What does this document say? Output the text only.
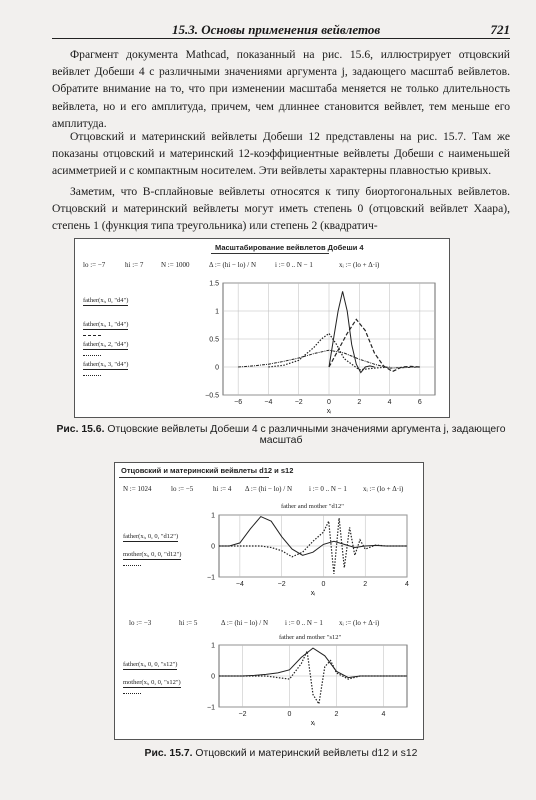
15.3. Основы применения вейвлетов	721

Фрагмент документа Mathcad, показанный на рис. 15.6, иллюстрирует отцовский вейвлет Добеши 4 с различными значениями аргумента j, задающего масштаб вейвлетов. Обратите внимание на то, что при изменении масштаба меняется не только длительность вейвлета, но и его амплитуда, причем, чем длиннее становится вейвлет, тем меньше его амплитуда.

Отцовский и материнский вейвлеты Добеши 12 представлены на рис. 15.7. Там же показаны отцовский и материнский 12-коэффициентные вейвлеты Добеши с наименьшей асимметрией и с компактным носителем. Эти вейвлеты характерны плавностью кривых.

Заметим, что B-сплайновые вейвлеты относятся к типу биортогональных вейвлетов. Отцовский и материнский вейвлеты могут иметь степень 0 (отцовский вейвлет Хаара), степень 1 (функция типа треугольника) или степень 2 (квадратич-

Масштабирование вейвлетов Добеши 4
lo := −7	hi := 7	N := 1000	Δ := (hi − lo) / N	i := 0 .. N − 1	xᵢ := (lo + Δ·i)
father(xᵢ, 0, "d4")
father(xᵢ, 1, "d4")
father(xᵢ, 2, "d4")
father(xᵢ, 3, "d4")
−6	−4	−2	0	2	4	6
1.5
1
0.5
0
−0.5
xᵢ
Рис. 15.6. Отцовские вейвлеты Добеши 4 с различными значениями аргумента j, задающего масштаб
Отцовский и материнский вейвлеты d12 и s12
N := 1024	lo := −5	hi := 4 Δ := (hi − lo) / N i := 0 .. N − 1 xᵢ := (lo + Δ·i)
father and mother "d12"
father(xᵢ, 0, 0, "d12")
mother(xᵢ, 0, 0, "d12")
lo := −3	hi := 5	Δ := (hi − lo) / N i := 0 .. N − 1 xᵢ := (lo + Δ·i)
father and mother "s12"
father(xᵢ, 0, 0, "s12")
mother(xᵢ, 0, 0, "s12")
−4	−2	0	2	4
1
0
−1
xᵢ
−2	0	2	4
1
0
−1
xᵢ
Рис. 15.7. Отцовский и материнский вейвлеты d12 и s12
